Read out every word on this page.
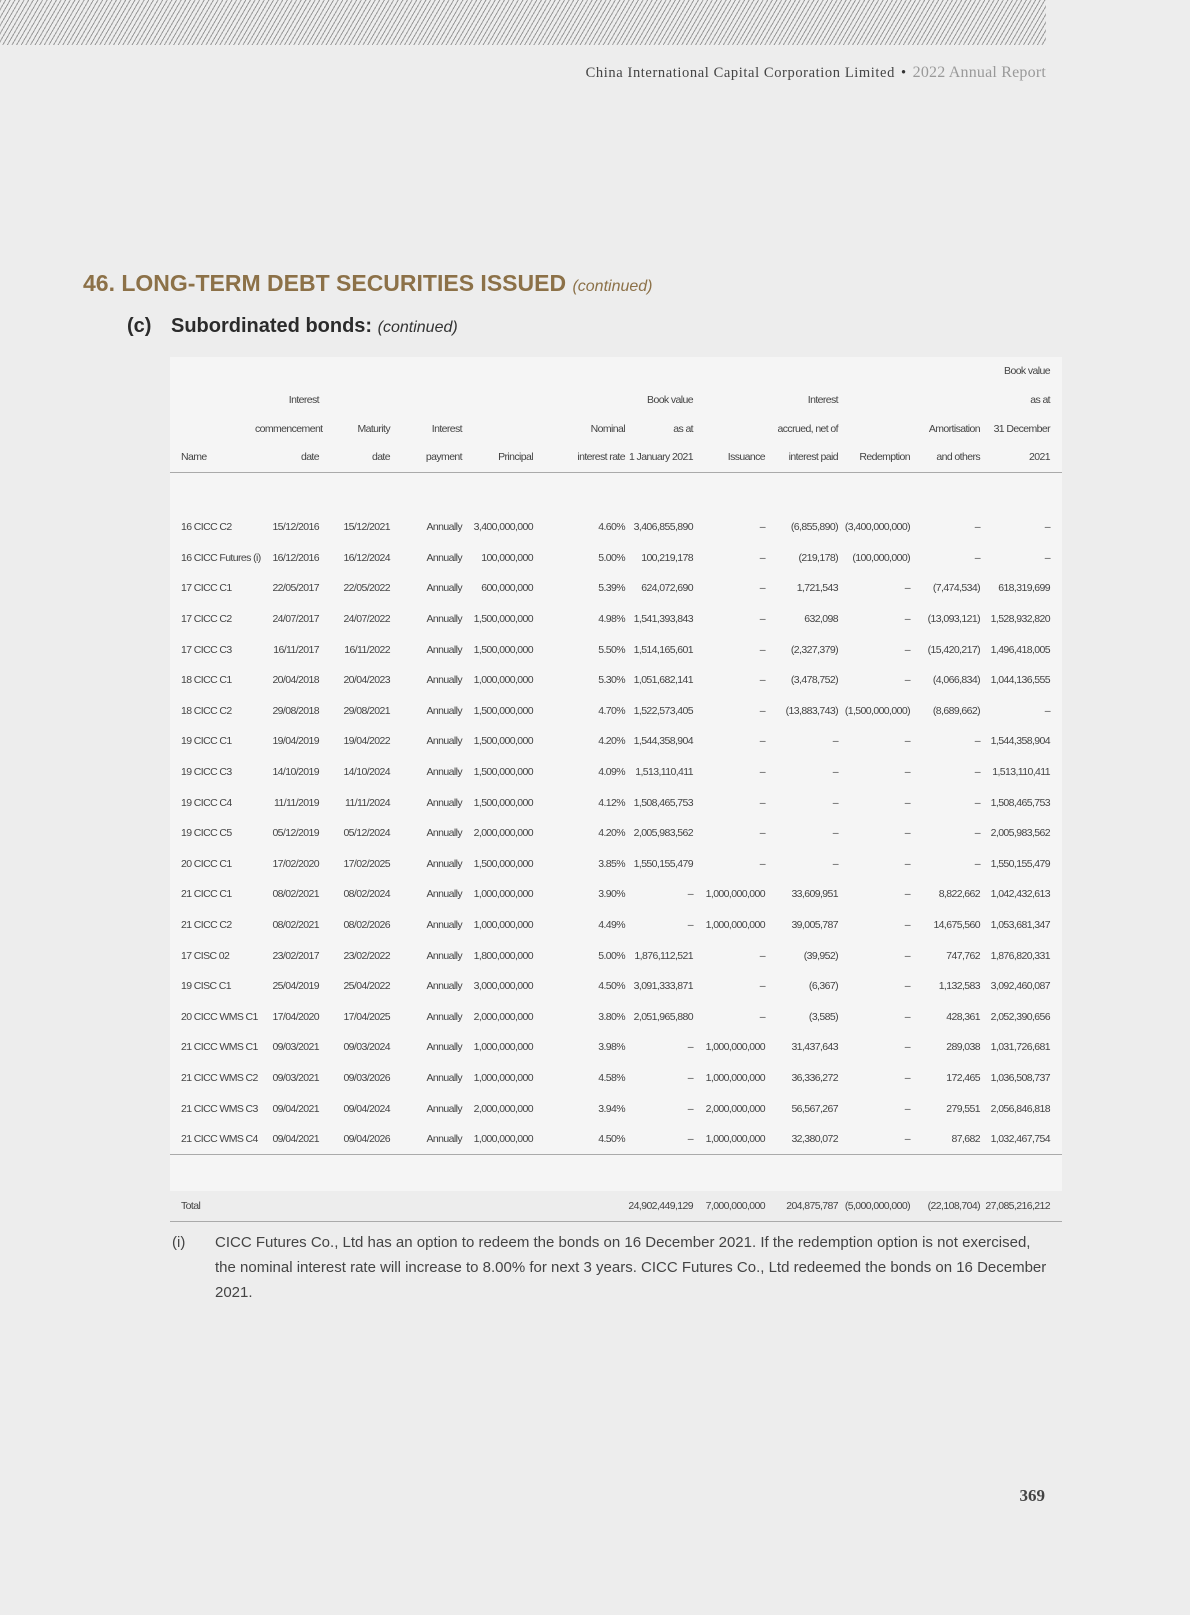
China International Capital Corporation Limited • 2022 Annual Report
46. LONG-TERM DEBT SECURITIES ISSUED (continued)
(c) Subordinated bonds: (continued)
											Book value	
	Interest					Book value		Interest			as at	
	commencement	Maturity	Interest		Nominal	as at		accrued, net of		Amortisation	31 December	
Name	date	date	payment	Principal	interest rate	1 January 2021	Issuance	interest paid	Redemption	and others	2021	

16 CICC C2	15/12/2016	15/12/2021	Annually	3,400,000,000	4.60%	3,406,855,890	–	(6,855,890)	(3,400,000,000)	–	–	
16 CICC Futures (i)	16/12/2016	16/12/2024	Annually	100,000,000	5.00%	100,219,178	–	(219,178)	(100,000,000)	–	–	
17 CICC C1	22/05/2017	22/05/2022	Annually	600,000,000	5.39%	624,072,690	–	1,721,543	–	(7,474,534)	618,319,699	
17 CICC C2	24/07/2017	24/07/2022	Annually	1,500,000,000	4.98%	1,541,393,843	–	632,098	–	(13,093,121)	1,528,932,820	
17 CICC C3	16/11/2017	16/11/2022	Annually	1,500,000,000	5.50%	1,514,165,601	–	(2,327,379)	–	(15,420,217)	1,496,418,005	
18 CICC C1	20/04/2018	20/04/2023	Annually	1,000,000,000	5.30%	1,051,682,141	–	(3,478,752)	–	(4,066,834)	1,044,136,555	
18 CICC C2	29/08/2018	29/08/2021	Annually	1,500,000,000	4.70%	1,522,573,405	–	(13,883,743)	(1,500,000,000)	(8,689,662)	–	
19 CICC C1	19/04/2019	19/04/2022	Annually	1,500,000,000	4.20%	1,544,358,904	–	–	–	–	1,544,358,904	
19 CICC C3	14/10/2019	14/10/2024	Annually	1,500,000,000	4.09%	1,513,110,411	–	–	–	–	1,513,110,411	
19 CICC C4	11/11/2019	11/11/2024	Annually	1,500,000,000	4.12%	1,508,465,753	–	–	–	–	1,508,465,753	
19 CICC C5	05/12/2019	05/12/2024	Annually	2,000,000,000	4.20%	2,005,983,562	–	–	–	–	2,005,983,562	
20 CICC C1	17/02/2020	17/02/2025	Annually	1,500,000,000	3.85%	1,550,155,479	–	–	–	–	1,550,155,479	
21 CICC C1	08/02/2021	08/02/2024	Annually	1,000,000,000	3.90%	–	1,000,000,000	33,609,951	–	8,822,662	1,042,432,613	
21 CICC C2	08/02/2021	08/02/2026	Annually	1,000,000,000	4.49%	–	1,000,000,000	39,005,787	–	14,675,560	1,053,681,347	
17 CISC 02	23/02/2017	23/02/2022	Annually	1,800,000,000	5.00%	1,876,112,521	–	(39,952)	–	747,762	1,876,820,331	
19 CISC C1	25/04/2019	25/04/2022	Annually	3,000,000,000	4.50%	3,091,333,871	–	(6,367)	–	1,132,583	3,092,460,087	
20 CICC WMS C1	17/04/2020	17/04/2025	Annually	2,000,000,000	3.80%	2,051,965,880	–	(3,585)	–	428,361	2,052,390,656	
21 CICC WMS C1	09/03/2021	09/03/2024	Annually	1,000,000,000	3.98%	–	1,000,000,000	31,437,643	–	289,038	1,031,726,681	
21 CICC WMS C2	09/03/2021	09/03/2026	Annually	1,000,000,000	4.58%	–	1,000,000,000	36,336,272	–	172,465	1,036,508,737	
21 CICC WMS C3	09/04/2021	09/04/2024	Annually	2,000,000,000	3.94%	–	2,000,000,000	56,567,267	–	279,551	2,056,846,818	
21 CICC WMS C4	09/04/2021	09/04/2026	Annually	1,000,000,000	4.50%	–	1,000,000,000	32,380,072	–	87,682	1,032,467,754	

Total						24,902,449,129	7,000,000,000	204,875,787	(5,000,000,000)	(22,108,704)	27,085,216,212	
(i) CICC Futures Co., Ltd has an option to redeem the bonds on 16 December 2021. If the redemption option is not exercised, the nominal interest rate will increase to 8.00% for next 3 years. CICC Futures Co., Ltd redeemed the bonds on 16 December 2021.
369
